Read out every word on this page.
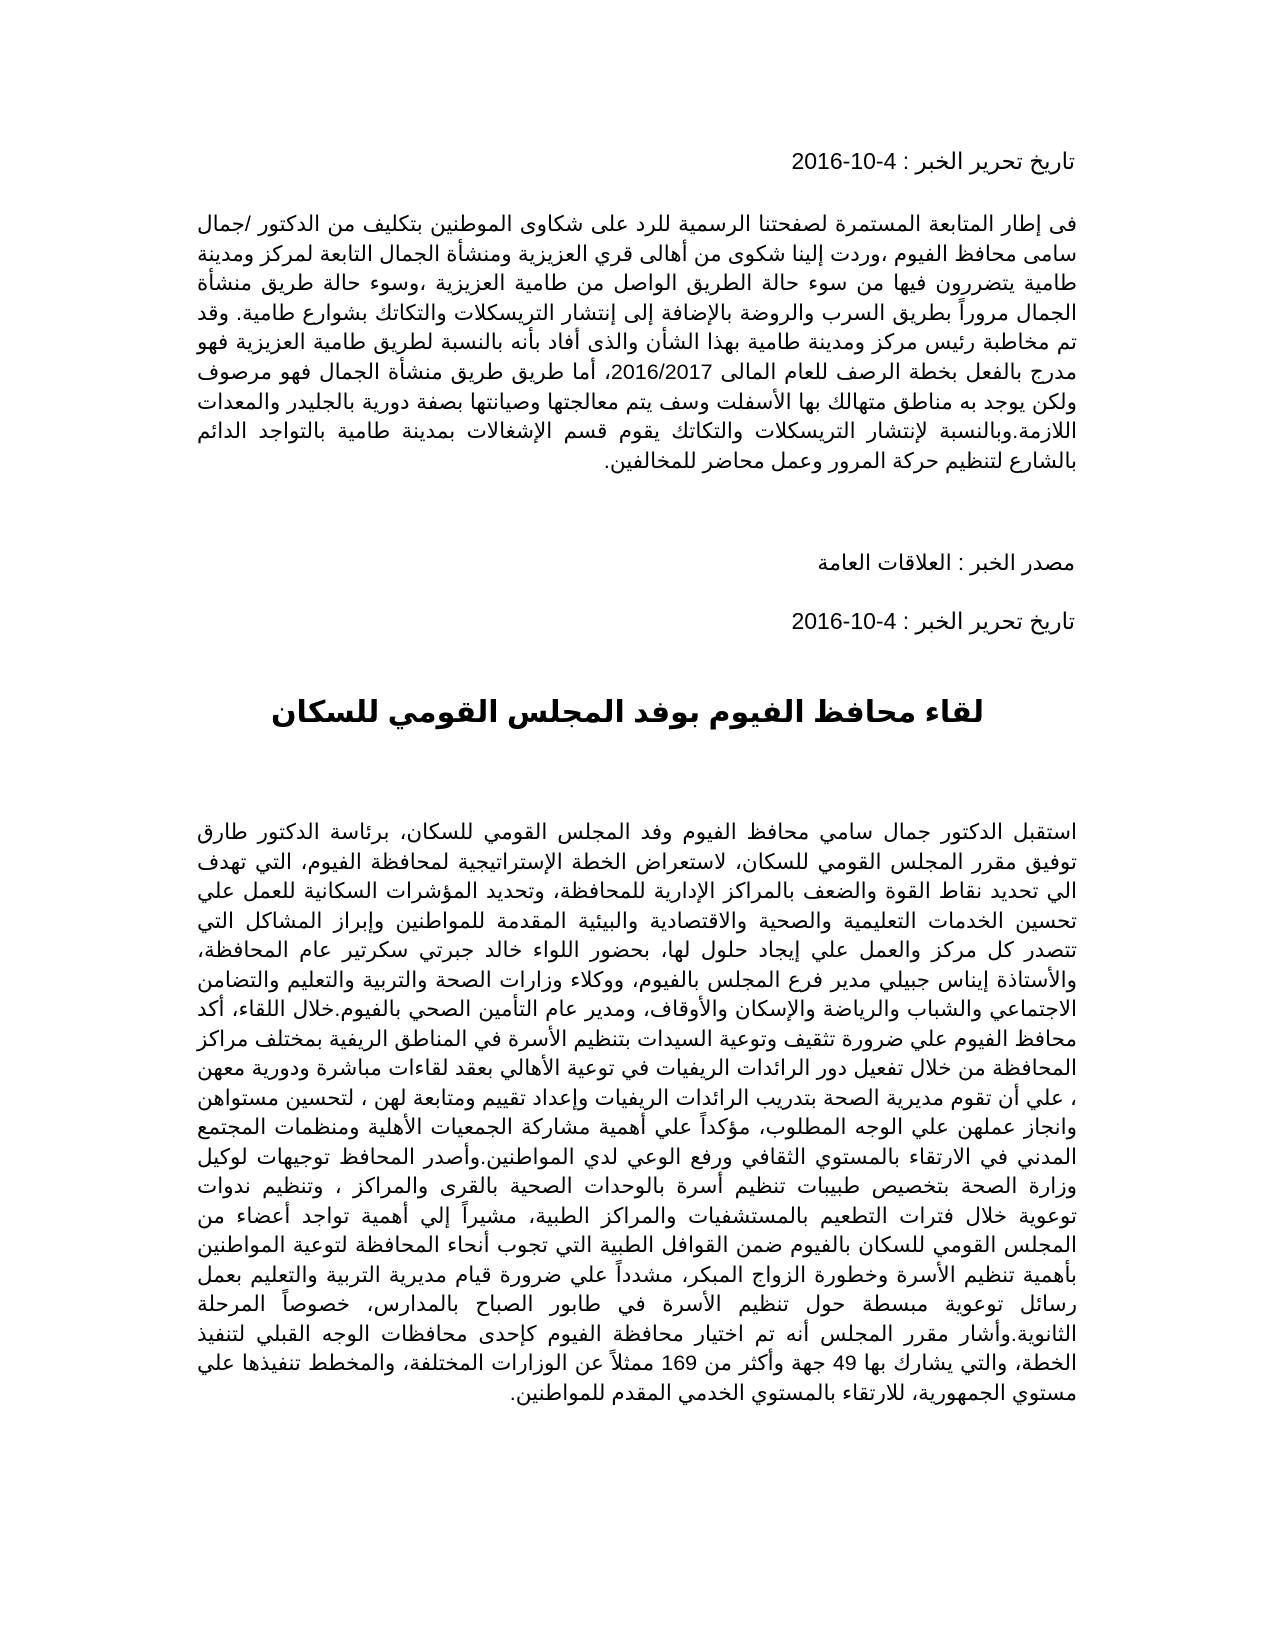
تاريخ تحرير الخبر : 4-10-2016

فى إطار المتابعة المستمرة لصفحتنا الرسمية للرد على شكاوى الموطنين بتكليف من الدكتور /جمال سامى محافظ الفيوم ،وردت إلينا شكوى من أهالى قري العزيزية ومنشأة الجمال التابعة لمركز ومدينة طامية يتضررون فيها من سوء حالة الطريق الواصل من طامية العزيزية ،وسوء حالة طريق منشأة الجمال مروراً بطريق السرب والروضة بالإضافة إلى إنتشار التريسكلات والتكاتك بشوارع طامية. وقد تم مخاطبة رئيس مركز ومدينة طامية بهذا الشأن والذى أفاد بأنه بالنسبة لطريق طامية العزيزية فهو مدرج بالفعل بخطة الرصف للعام المالى 2016/2017، أما طريق طريق منشأة الجمال فهو مرصوف ولكن يوجد به مناطق متهالك بها الأسفلت وسف يتم معالجتها وصيانتها بصفة دورية بالجليدر والمعدات اللازمة.وبالنسبة لإنتشار التريسكلات والتكاتك يقوم قسم الإشغالات بمدينة طامية بالتواجد الدائم بالشارع لتنظيم حركة المرور وعمل محاضر للمخالفين.

مصدر الخبر : العلاقات العامة
تاريخ تحرير الخبر : 4-10-2016
لقاء محافظ الفيوم بوفد المجلس القومي للسكان

استقبل الدكتور جمال سامي محافظ الفيوم وفد المجلس القومي للسكان، برئاسة الدكتور طارق توفيق مقرر المجلس القومي للسكان، لاستعراض الخطة الإستراتيجية لمحافظة الفيوم، التي تهدف الي تحديد نقاط القوة والضعف بالمراكز الإدارية للمحافظة، وتحديد المؤشرات السكانية للعمل علي تحسين الخدمات التعليمية والصحية والاقتصادية والبيئية المقدمة للمواطنين وإبراز المشاكل التي تتصدر كل مركز والعمل علي إيجاد حلول لها، بحضور اللواء خالد جبرتي سكرتير عام المحافظة، والأستاذة إيناس جبيلي مدير فرع المجلس بالفيوم، ووكلاء وزارات الصحة والتربية والتعليم والتضامن الاجتماعي والشباب والرياضة والإسكان والأوقاف، ومدير عام التأمين الصحي بالفيوم.خلال اللقاء، أكد محافظ الفيوم علي ضرورة تثقيف وتوعية السيدات بتنظيم الأسرة في المناطق الريفية بمختلف مراكز المحافظة من خلال تفعيل دور الرائدات الريفيات في توعية الأهالي بعقد لقاءات مباشرة ودورية معهن ، علي أن تقوم مديرية الصحة بتدريب الرائدات الريفيات وإعداد تقييم ومتابعة لهن ، لتحسين مستواهن وانجاز عملهن علي الوجه المطلوب، مؤكداً علي أهمية مشاركة الجمعيات الأهلية ومنظمات المجتمع المدني في الارتقاء بالمستوي الثقافي ورفع الوعي لدي المواطنين.وأصدر المحافظ توجيهات لوكيل وزارة الصحة بتخصيص طبيبات تنظيم أسرة بالوحدات الصحية بالقرى والمراكز ، وتنظيم ندوات توعوية خلال فترات التطعيم بالمستشفيات والمراكز الطبية، مشيراً إلي أهمية تواجد أعضاء من المجلس القومي للسكان بالفيوم ضمن القوافل الطبية التي تجوب أنحاء المحافظة لتوعية المواطنين بأهمية تنظيم الأسرة وخطورة الزواج المبكر، مشدداً علي ضرورة قيام مديرية التربية والتعليم بعمل رسائل توعوية مبسطة حول تنظيم الأسرة في طابور الصباح بالمدارس، خصوصاً المرحلة الثانوية.وأشار مقرر المجلس أنه تم اختيار محافظة الفيوم كإحدى محافظات الوجه القبلي لتنفيذ الخطة، والتي يشارك بها 49 جهة وأكثر من 169 ممثلاً عن الوزارات المختلفة، والمخطط تنفيذها علي مستوي الجمهورية، للارتقاء بالمستوي الخدمي المقدم للمواطنين.
